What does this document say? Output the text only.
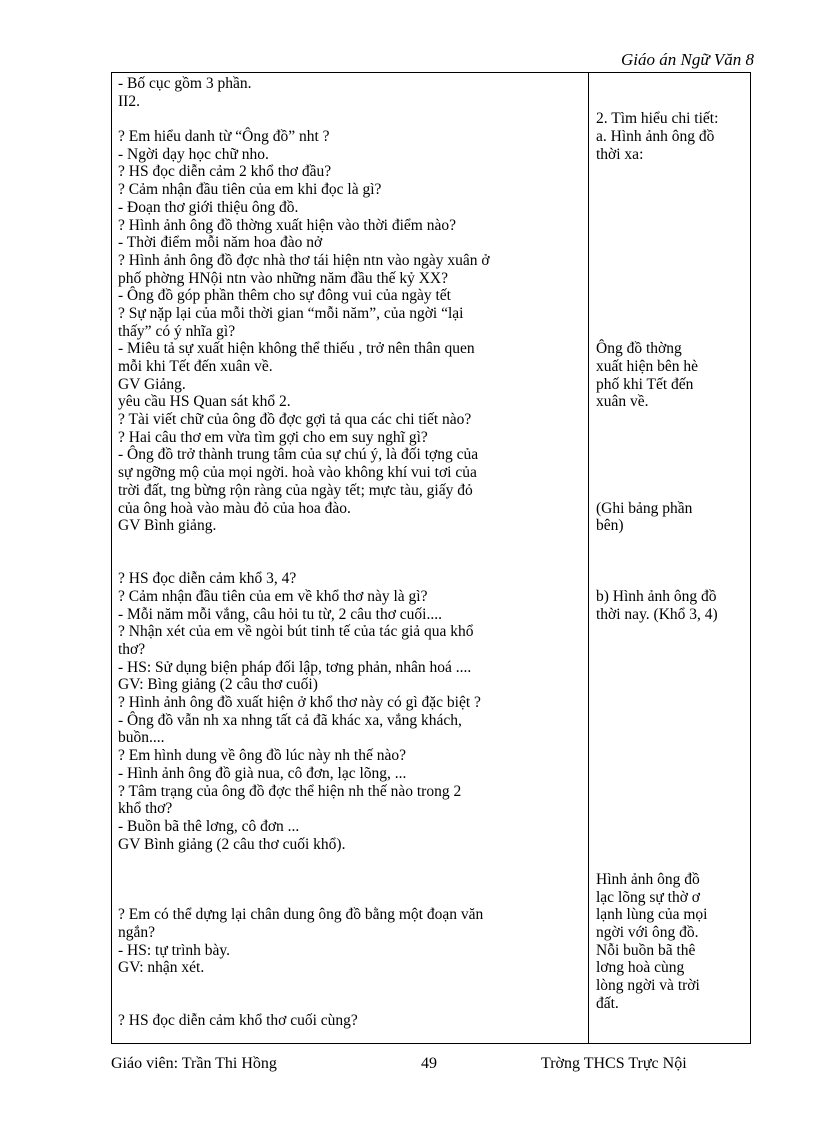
Giáo án Ngữ Văn 8
- Bố cục gồm 3 phần.
II2.
? Em hiểu danh từ “Ông đồ” nht ?
- Ngời dạy học chữ nho.
? HS đọc diễn cảm 2 khổ thơ đầu?
? Cảm nhận đầu tiên của em khi đọc là gì?
- Đoạn thơ giới thiệu ông đồ.
? Hình ảnh ông đồ thờng xuất hiện vào thời điểm nào?
- Thời điểm mỗi năm hoa đào nở
? Hình ảnh ông đồ đợc nhà thơ tái hiện ntn vào ngày xuân ở
phố phờng HNội ntn vào những năm đầu thế kỷ XX?
- Ông đồ góp phần thêm cho sự đông vui của ngày tết
? Sự nặp lại của mỗi thời gian “mỗi năm”, của ngời “lại
thấy” có ý nhĩa gì?
- Miêu tả sự xuất hiện không thể thiếu , trở nên thân quen
mỗi khi Tết đến xuân về.
GV Giảng.
yêu cầu HS Quan sát khổ 2.
? Tài viết chữ của ông đồ đợc gợi tả qua các chi tiết nào?
? Hai câu thơ em vừa tìm gợi cho em suy nghĩ gì?
- Ông đồ trở thành trung tâm của sự chú ý, là đối tợng của
sự ngỡng mộ của mọi ngời. hoà vào không khí vui tơi của
trời đất, tng bừng rộn ràng của ngày tết; mực tàu, giấy đỏ
của ông hoà vào màu đỏ của hoa đào.
GV Bình giảng.
? HS đọc diễn cảm khổ 3, 4?
? Cảm nhận đầu tiên của em về khổ thơ này là gì?
- Mỗi năm mỗi vắng, câu hỏi tu từ, 2 câu thơ cuối....
? Nhận xét của em về ngòi bút tinh tế của tác giả qua khổ
thơ?
- HS: Sử dụng biện pháp đối lập, tơng phản, nhân hoá ....
GV: Bìng giảng (2 câu thơ cuối)
? Hình ảnh ông đồ xuất hiện ở khổ thơ này có gì đặc biệt ?
- Ông đồ vẫn nh xa nhng tất cả đã khác xa, vắng khách,
buồn....
? Em hình dung về ông đồ lúc này nh thế nào?
- Hình ảnh ông đồ già nua, cô đơn, lạc lõng, ...
? Tâm trạng của ông đồ đợc thể hiện nh thế nào trong 2
khổ thơ?
- Buồn bã thê lơng, cô đơn ...
GV Bình giảng (2 câu thơ cuối khổ).
? Em có thể dựng lại chân dung ông đồ bằng một đoạn văn
ngắn?
- HS: tự trình bày.
GV: nhận xét.
? HS đọc diễn cảm khổ thơ cuối cùng?
2. Tìm hiểu chi tiết:
a. Hình ảnh ông đồ
thời xa:
Ông đồ thờng
xuất hiện bên hè
phố khi Tết đến
xuân về.
(Ghi bảng phần
bên)
b) Hình ảnh ông đồ
thời nay. (Khổ 3, 4)
Hình ảnh ông đồ
lạc lõng sự thờ ơ
lạnh lùng của mọi
ngời với ông đồ.
Nỗi buồn bã thê
lơng hoà cùng
lòng ngời và trời
đất.
Giáo viên: Trần Thi Hồng	49	Trờng THCS Trực Nội
